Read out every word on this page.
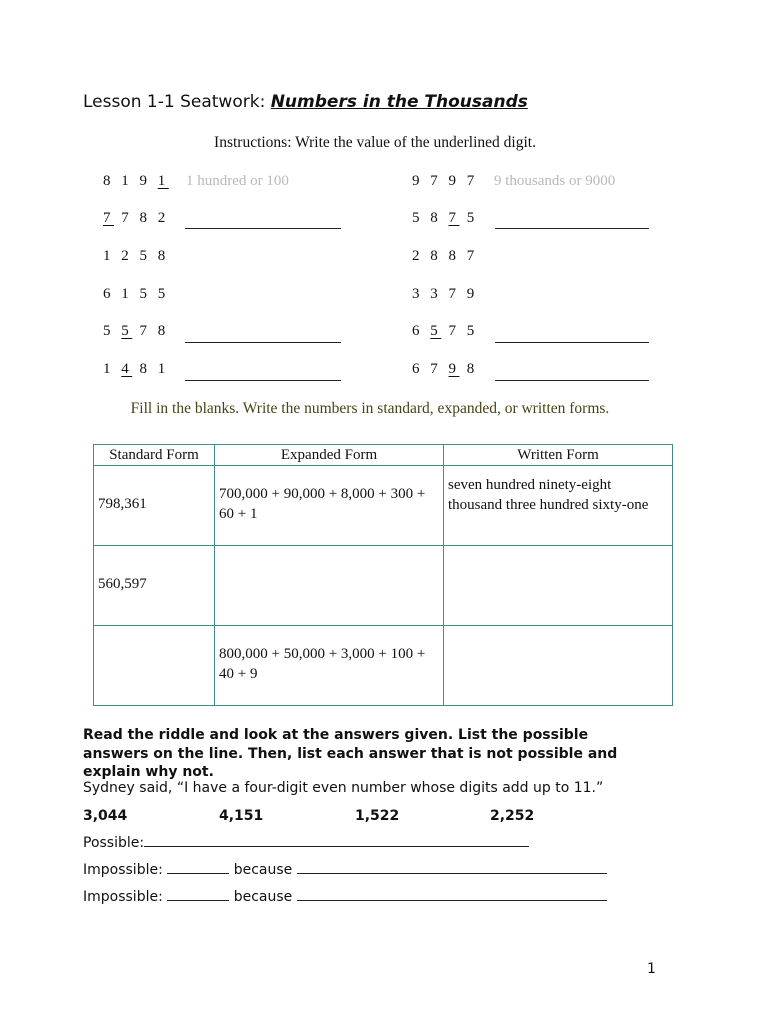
Lesson 1-1 Seatwork: Numbers in the Thousands
Instructions: Write the value of the underlined digit.
8 1 9 1 1 hundred or 100
7 7 8 2
1 2 5 8
6 1 5 5
5 5 7 8
1 4 8 1
9 7 9 7 9 thousands or 9000
5 8 7 5
2 8 8 7
3 3 7 9
6 5 7 5
6 7 9 8
Fill in the blanks. Write the numbers in standard, expanded, or written forms.
Standard Form	Expanded Form	Written Form

798,361	700,000 + 90,000 + 8,000 + 300 + 60 + 1	seven hundred ninety-eight thousand three hundred sixty-one

560,597		

	800,000 + 50,000 + 3,000 + 100 + 40 + 9	

Read the riddle and look at the answers given. List the possible answers on the line. Then, list each answer that is not possible and explain why not.
Sydney said, “I have a four-digit even number whose digits add up to 11.”
3,044	4,151	1,522	2,252
Possible:
Impossible:	because
Impossible:	because
1
